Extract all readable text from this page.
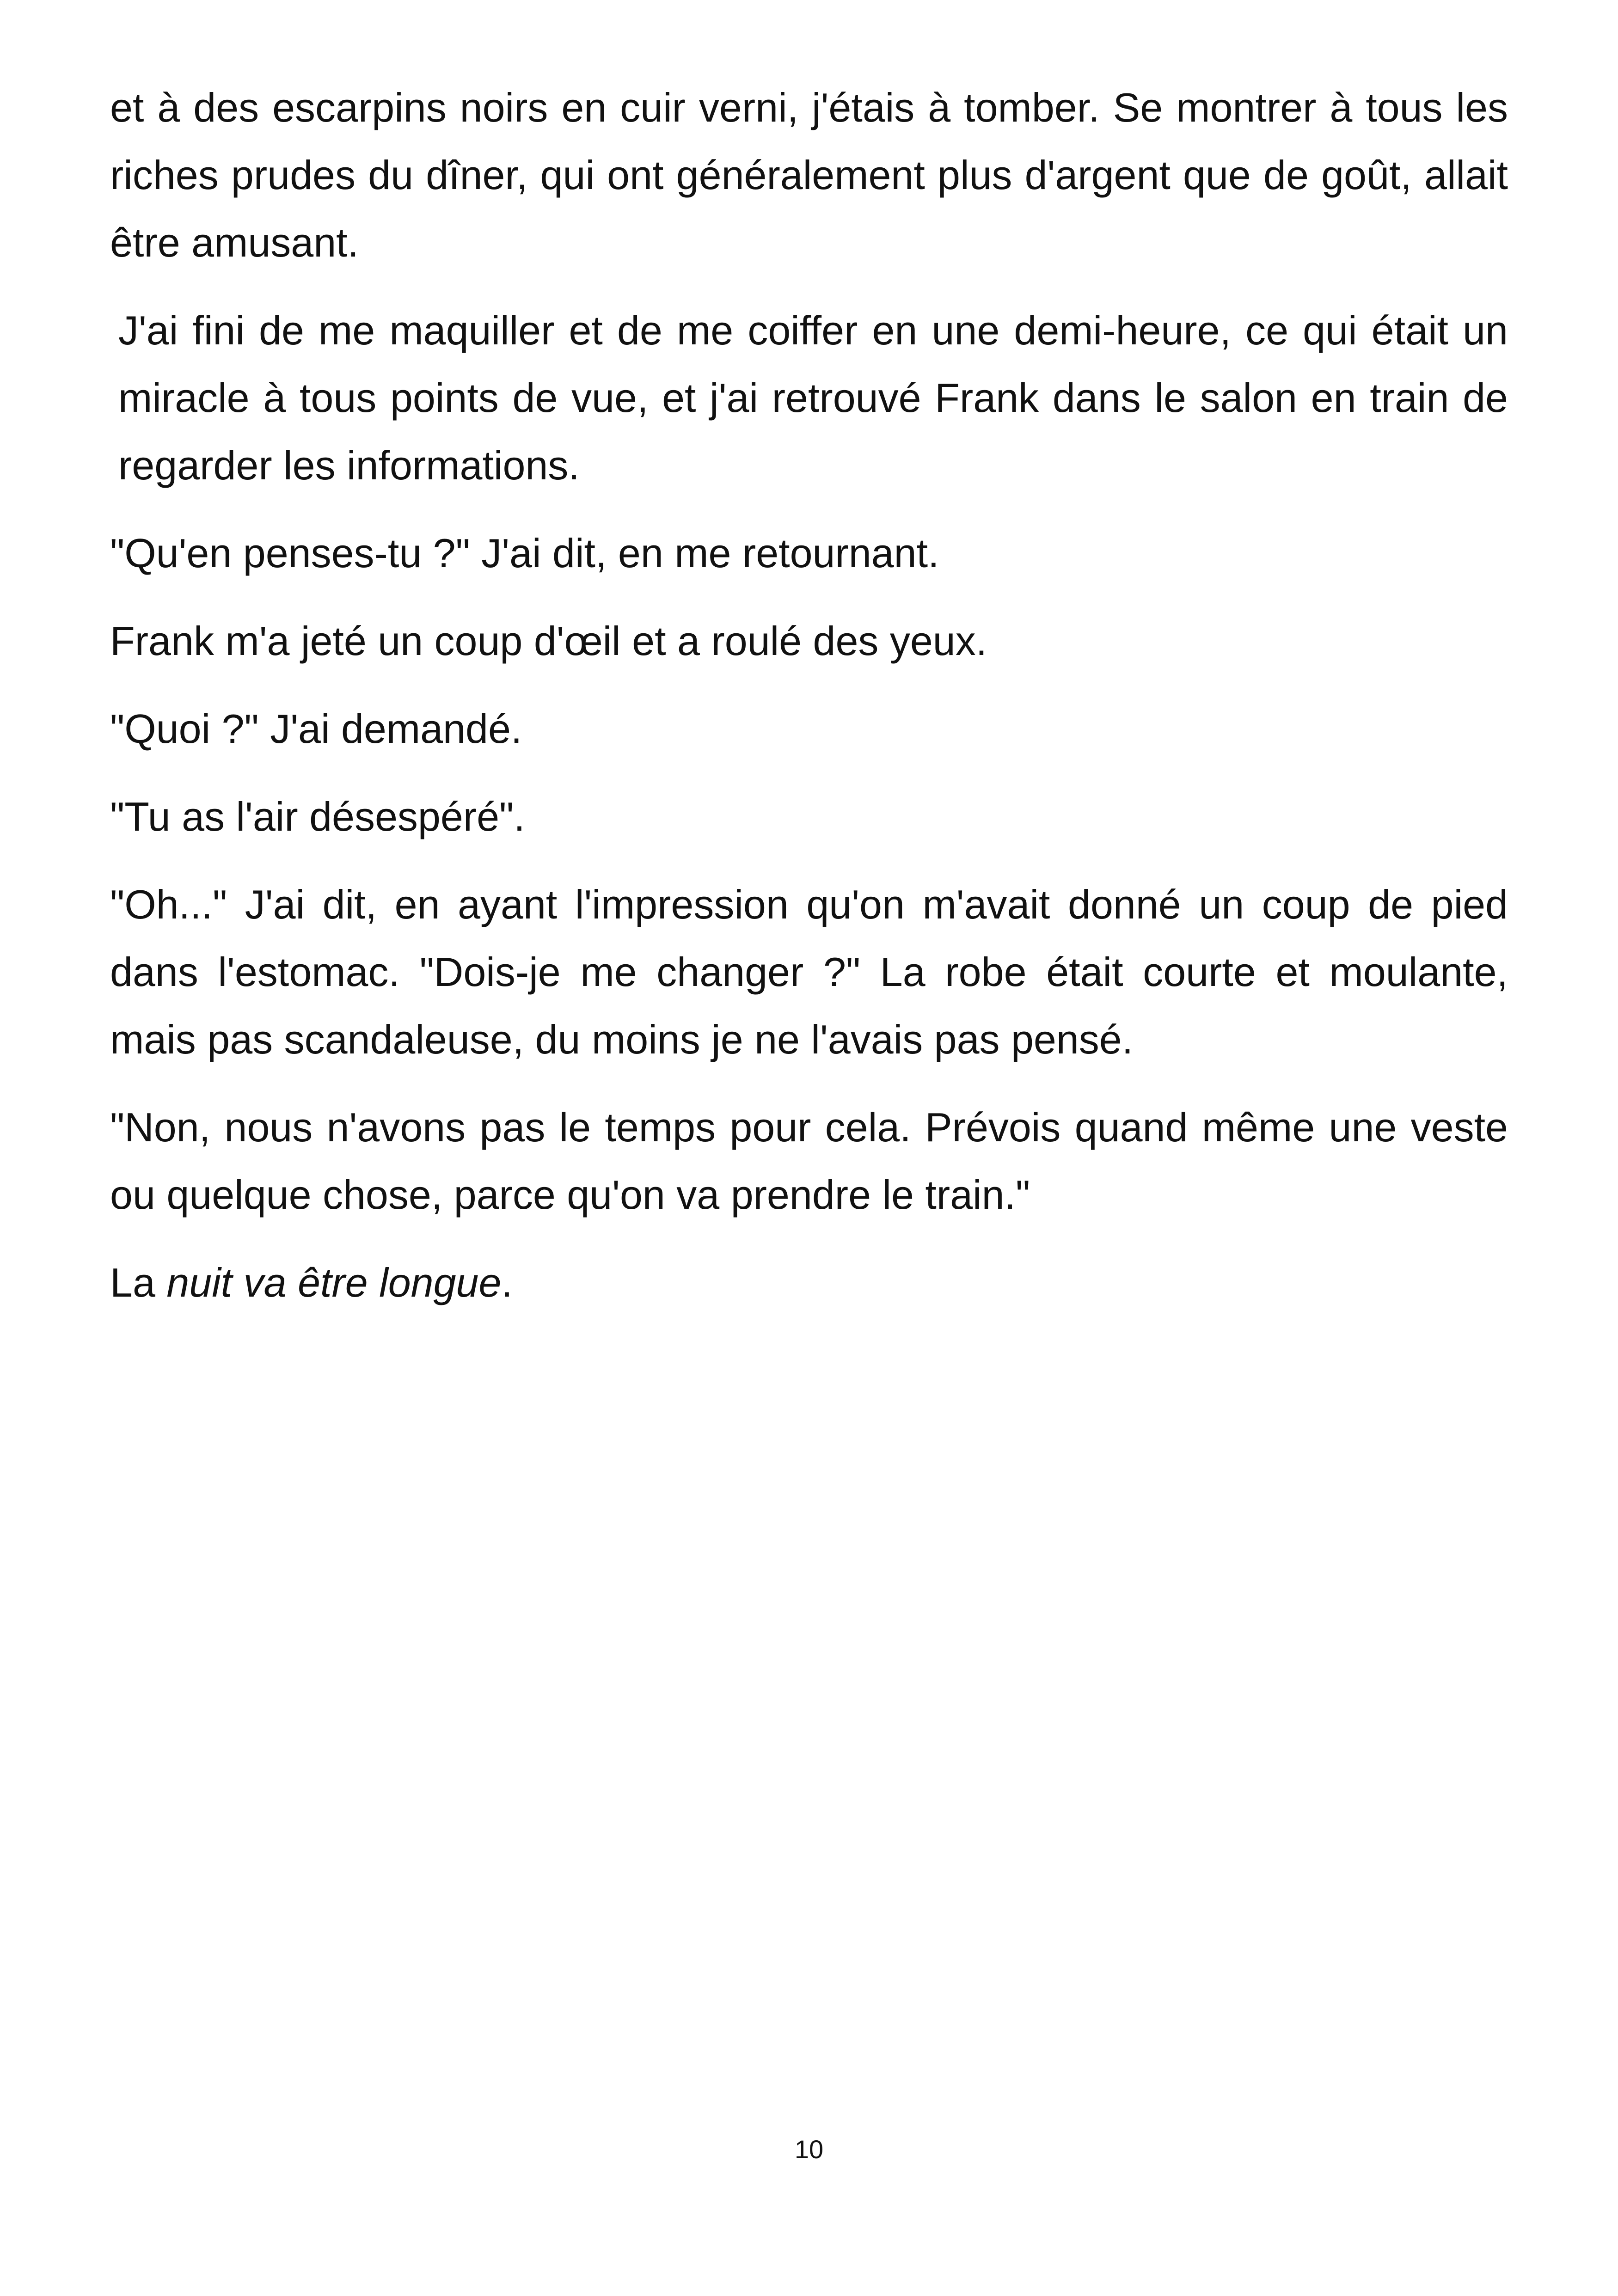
et à des escarpins noirs en cuir verni, j'étais à tomber. Se montrer à tous les riches prudes du dîner, qui ont généralement plus d'argent que de goût, allait être amusant.

J'ai fini de me maquiller et de me coiffer en une demi-heure, ce qui était un miracle à tous points de vue, et j'ai retrouvé Frank dans le salon en train de regarder les informations.

"Qu'en penses-tu ?" J'ai dit, en me retournant.

Frank m'a jeté un coup d'œil et a roulé des yeux.

"Quoi ?" J'ai demandé.

"Tu as l'air désespéré".

"Oh..." J'ai dit, en ayant l'impression qu'on m'avait donné un coup de pied dans l'estomac. "Dois-je me changer ?" La robe était courte et moulante, mais pas scandaleuse, du moins je ne l'avais pas pensé.

"Non, nous n'avons pas le temps pour cela. Prévois quand même une veste ou quelque chose, parce qu'on va prendre le train."

La nuit va être longue.

10
